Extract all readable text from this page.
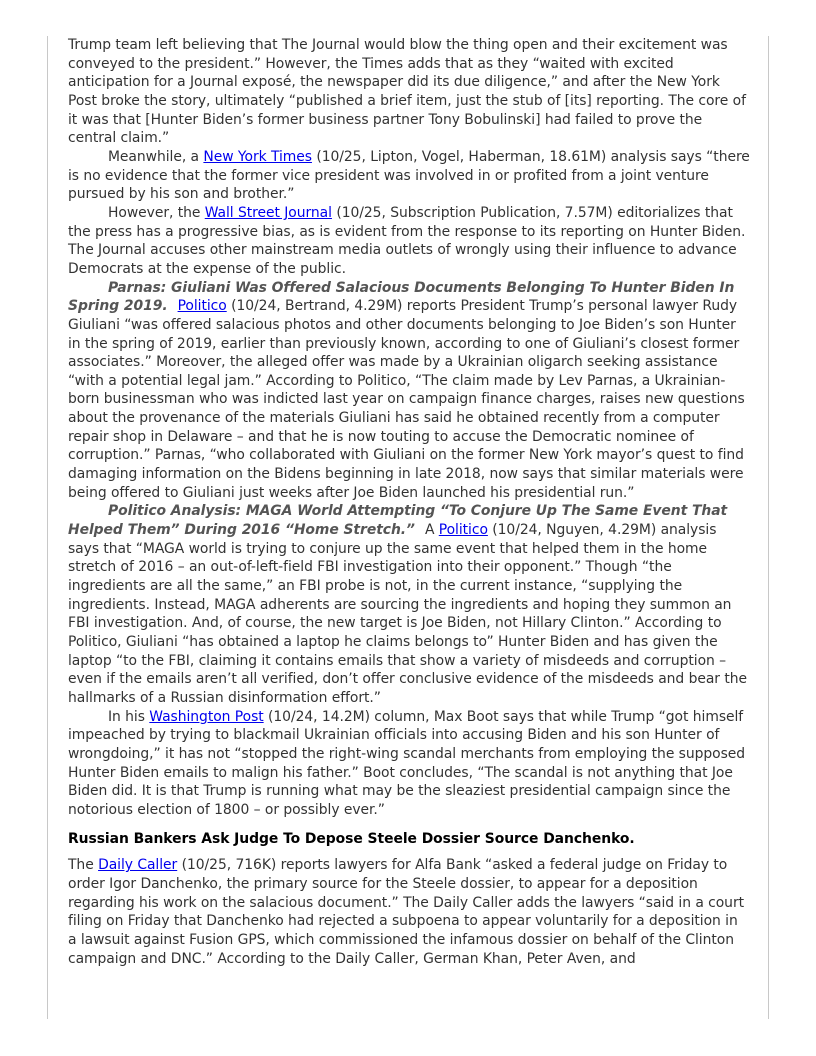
Trump team left believing that The Journal would blow the thing open and their excitement was conveyed to the president.” However, the Times adds that as they “waited with excited anticipation for a Journal exposé, the newspaper did its due diligence,” and after the New York Post broke the story, ultimately “published a brief item, just the stub of [its] reporting. The core of it was that [Hunter Biden’s former business partner Tony Bobulinski] had failed to prove the central claim.”

Meanwhile, a New York Times (10/25, Lipton, Vogel, Haberman, 18.61M) analysis says “there is no evidence that the former vice president was involved in or profited from a joint venture pursued by his son and brother.”

However, the Wall Street Journal (10/25, Subscription Publication, 7.57M) editorializes that the press has a progressive bias, as is evident from the response to its reporting on Hunter Biden. The Journal accuses other mainstream media outlets of wrongly using their influence to advance Democrats at the expense of the public.

Parnas: Giuliani Was Offered Salacious Documents Belonging To Hunter Biden In Spring 2019. Politico (10/24, Bertrand, 4.29M) reports President Trump’s personal lawyer Rudy Giuliani “was offered salacious photos and other documents belonging to Joe Biden’s son Hunter in the spring of 2019, earlier than previously known, according to one of Giuliani’s closest former associates.” Moreover, the alleged offer was made by a Ukrainian oligarch seeking assistance “with a potential legal jam.” According to Politico, “The claim made by Lev Parnas, a Ukrainian-born businessman who was indicted last year on campaign finance charges, raises new questions about the provenance of the materials Giuliani has said he obtained recently from a computer repair shop in Delaware – and that he is now touting to accuse the Democratic nominee of corruption.” Parnas, “who collaborated with Giuliani on the former New York mayor’s quest to find damaging information on the Bidens beginning in late 2018, now says that similar materials were being offered to Giuliani just weeks after Joe Biden launched his presidential run.”

Politico Analysis: MAGA World Attempting “To Conjure Up The Same Event That Helped Them” During 2016 “Home Stretch.” A Politico (10/24, Nguyen, 4.29M) analysis says that “MAGA world is trying to conjure up the same event that helped them in the home stretch of 2016 – an out-of-left-field FBI investigation into their opponent.” Though “the ingredients are all the same,” an FBI probe is not, in the current instance, “supplying the ingredients. Instead, MAGA adherents are sourcing the ingredients and hoping they summon an FBI investigation. And, of course, the new target is Joe Biden, not Hillary Clinton.” According to Politico, Giuliani “has obtained a laptop he claims belongs to” Hunter Biden and has given the laptop “to the FBI, claiming it contains emails that show a variety of misdeeds and corruption – even if the emails aren’t all verified, don’t offer conclusive evidence of the misdeeds and bear the hallmarks of a Russian disinformation effort.”

In his Washington Post (10/24, 14.2M) column, Max Boot says that while Trump “got himself impeached by trying to blackmail Ukrainian officials into accusing Biden and his son Hunter of wrongdoing,” it has not “stopped the right-wing scandal merchants from employing the supposed Hunter Biden emails to malign his father.” Boot concludes, “The scandal is not anything that Joe Biden did. It is that Trump is running what may be the sleaziest presidential campaign since the notorious election of 1800 – or possibly ever.”

Russian Bankers Ask Judge To Depose Steele Dossier Source Danchenko.

The Daily Caller (10/25, 716K) reports lawyers for Alfa Bank “asked a federal judge on Friday to order Igor Danchenko, the primary source for the Steele dossier, to appear for a deposition regarding his work on the salacious document.” The Daily Caller adds the lawyers “said in a court filing on Friday that Danchenko had rejected a subpoena to appear voluntarily for a deposition in a lawsuit against Fusion GPS, which commissioned the infamous dossier on behalf of the Clinton campaign and DNC.” According to the Daily Caller, German Khan, Peter Aven, and
